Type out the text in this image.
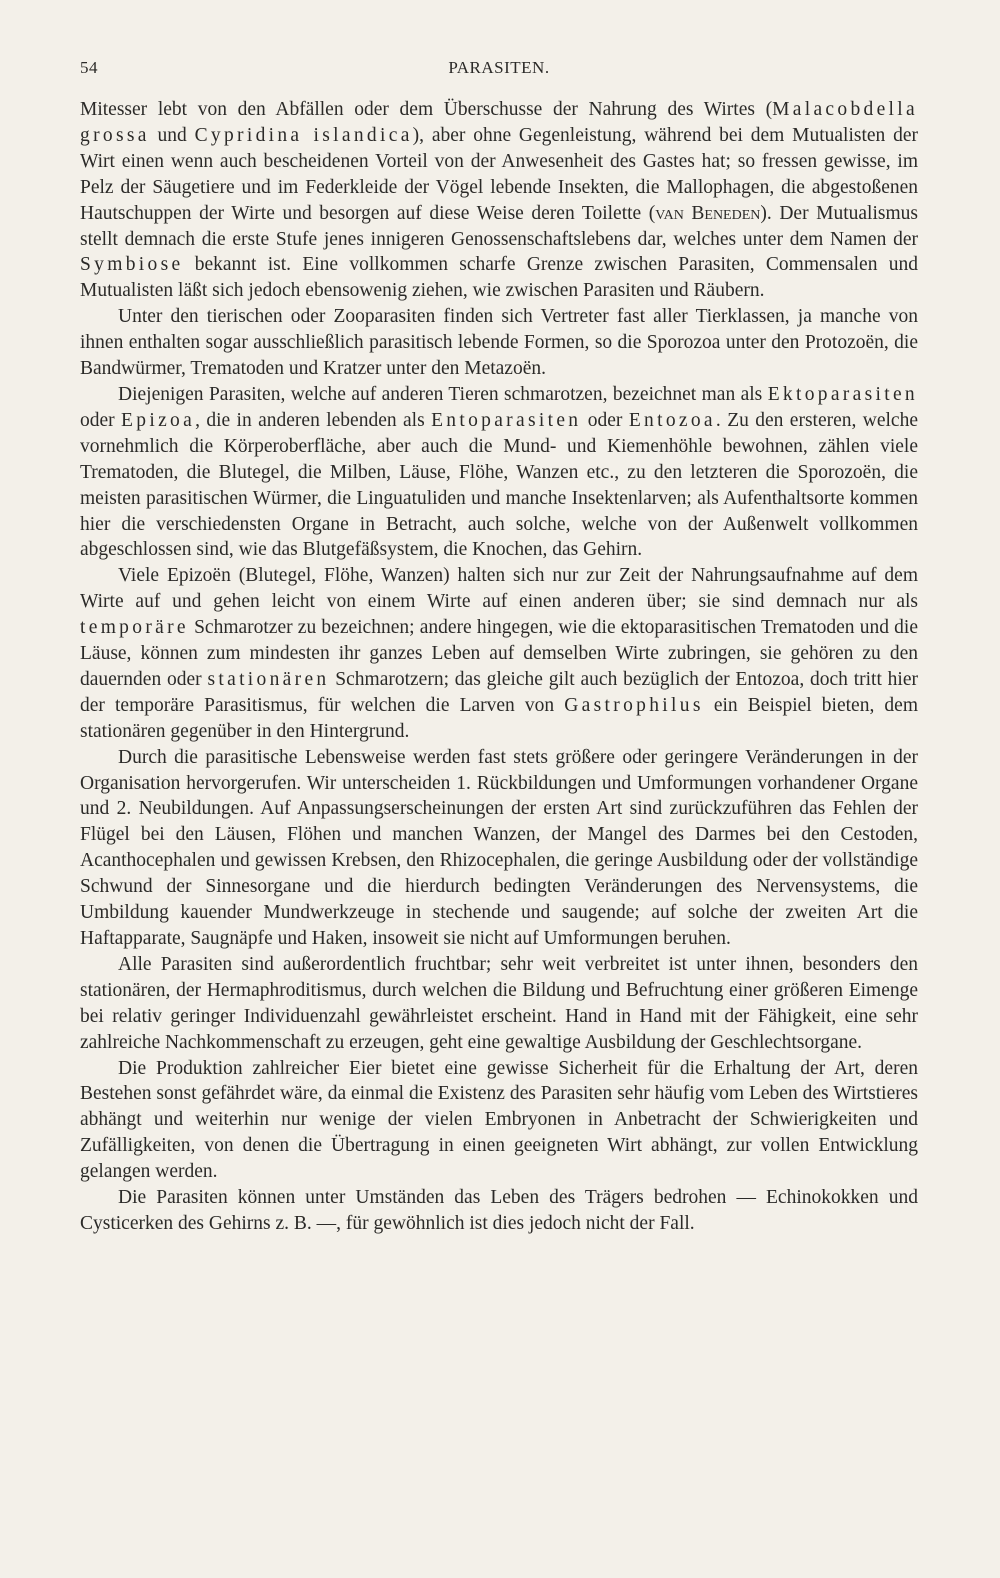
54	PARASITEN.

Mitesser lebt von den Abfällen oder dem Überschusse der Nahrung des Wirtes (Malacobdella grossa und Cypridina islandica), aber ohne Gegenleistung, während bei dem Mutualisten der Wirt einen wenn auch bescheidenen Vorteil von der Anwesenheit des Gastes hat; so fressen gewisse, im Pelz der Säugetiere und im Federkleide der Vögel lebende Insekten, die Mallophagen, die abgestoßenen Hautschuppen der Wirte und besorgen auf diese Weise deren Toilette (van Beneden). Der Mutualismus stellt demnach die erste Stufe jenes innigeren Genossenschaftslebens dar, welches unter dem Namen der Symbiose bekannt ist. Eine vollkommen scharfe Grenze zwischen Parasiten, Commensalen und Mutualisten läßt sich jedoch ebensowenig ziehen, wie zwischen Parasiten und Räubern.

Unter den tierischen oder Zooparasiten finden sich Vertreter fast aller Tierklassen, ja manche von ihnen enthalten sogar ausschließlich parasitisch lebende Formen, so die Sporozoa unter den Protozoën, die Bandwürmer, Trematoden und Kratzer unter den Metazoën.

Diejenigen Parasiten, welche auf anderen Tieren schmarotzen, bezeichnet man als Ektoparasiten oder Epizoa, die in anderen lebenden als Entoparasiten oder Entozoa. Zu den ersteren, welche vornehmlich die Körperoberfläche, aber auch die Mund- und Kiemenhöhle bewohnen, zählen viele Trematoden, die Blutegel, die Milben, Läuse, Flöhe, Wanzen etc., zu den letzteren die Sporozoën, die meisten parasitischen Würmer, die Linguatuliden und manche Insektenlarven; als Aufenthaltsorte kommen hier die verschiedensten Organe in Betracht, auch solche, welche von der Außenwelt vollkommen abgeschlossen sind, wie das Blutgefäßsystem, die Knochen, das Gehirn.

Viele Epizoën (Blutegel, Flöhe, Wanzen) halten sich nur zur Zeit der Nahrungsaufnahme auf dem Wirte auf und gehen leicht von einem Wirte auf einen anderen über; sie sind demnach nur als temporäre Schmarotzer zu bezeichnen; andere hingegen, wie die ektoparasitischen Trematoden und die Läuse, können zum mindesten ihr ganzes Leben auf demselben Wirte zubringen, sie gehören zu den dauernden oder stationären Schmarotzern; das gleiche gilt auch bezüglich der Entozoa, doch tritt hier der temporäre Parasitismus, für welchen die Larven von Gastrophilus ein Beispiel bieten, dem stationären gegenüber in den Hintergrund.

Durch die parasitische Lebensweise werden fast stets größere oder geringere Veränderungen in der Organisation hervorgerufen. Wir unterscheiden 1. Rückbildungen und Umformungen vorhandener Organe und 2. Neubildungen. Auf Anpassungserscheinungen der ersten Art sind zurückzuführen das Fehlen der Flügel bei den Läusen, Flöhen und manchen Wanzen, der Mangel des Darmes bei den Cestoden, Acanthocephalen und gewissen Krebsen, den Rhizocephalen, die geringe Ausbildung oder der vollständige Schwund der Sinnesorgane und die hierdurch bedingten Veränderungen des Nervensystems, die Umbildung kauender Mundwerkzeuge in stechende und saugende; auf solche der zweiten Art die Haftapparate, Saugnäpfe und Haken, insoweit sie nicht auf Umformungen beruhen.

Alle Parasiten sind außerordentlich fruchtbar; sehr weit verbreitet ist unter ihnen, besonders den stationären, der Hermaphroditismus, durch welchen die Bildung und Befruchtung einer größeren Eimenge bei relativ geringer Individuenzahl gewährleistet erscheint. Hand in Hand mit der Fähigkeit, eine sehr zahlreiche Nachkommenschaft zu erzeugen, geht eine gewaltige Ausbildung der Geschlechtsorgane.

Die Produktion zahlreicher Eier bietet eine gewisse Sicherheit für die Erhaltung der Art, deren Bestehen sonst gefährdet wäre, da einmal die Existenz des Parasiten sehr häufig vom Leben des Wirtstieres abhängt und weiterhin nur wenige der vielen Embryonen in Anbetracht der Schwierigkeiten und Zufälligkeiten, von denen die Übertragung in einen geeigneten Wirt abhängt, zur vollen Entwicklung gelangen werden.

Die Parasiten können unter Umständen das Leben des Trägers bedrohen — Echinokokken und Cysticerken des Gehirns z. B. —, für gewöhnlich ist dies jedoch nicht der Fall.
